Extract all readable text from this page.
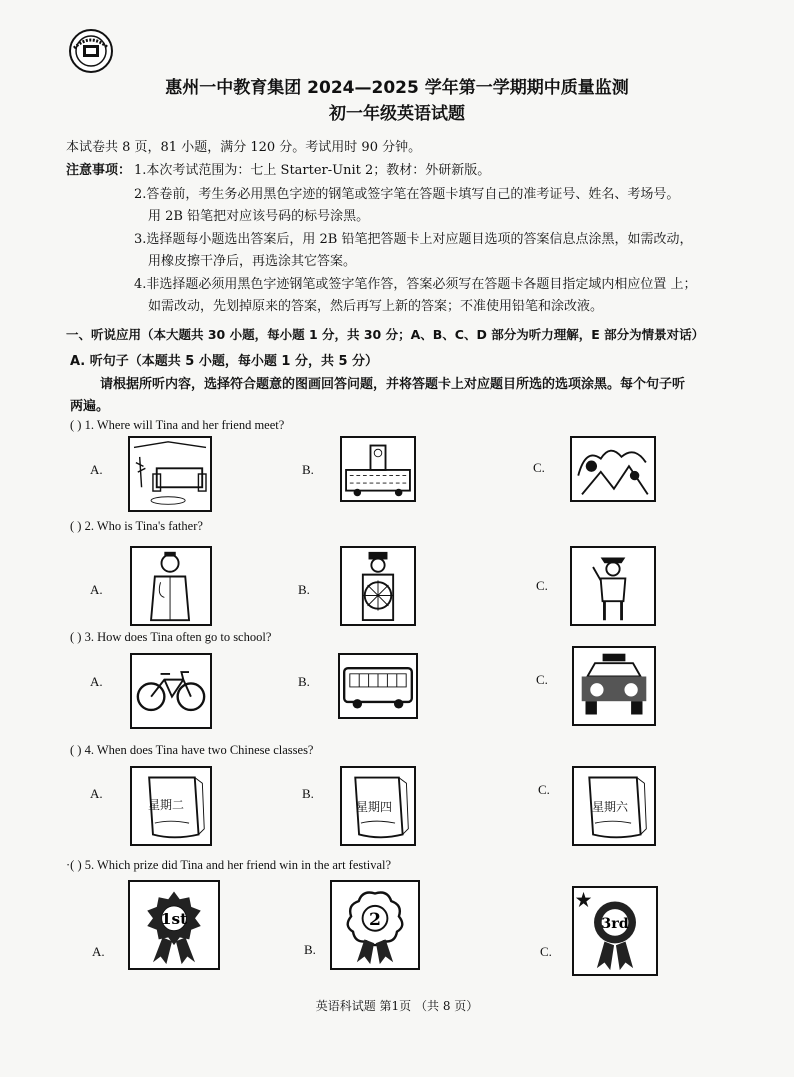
惠州一中教育集团 2024—2025 学年第一学期期中质量监测
初一年级英语试题
本试卷共 8 页，81 小题，满分 120 分。考试用时 90 分钟。
注意事项： 1.本次考试范围为：七上 Starter-Unit 2；教材：外研新版。
2.答卷前，考生务必用黑色字迹的钢笔或签字笔在答题卡填写自己的准考证号、姓名、考场号。
用 2B 铅笔把对应该号码的标号涂黑。
3.选择题每小题选出答案后，用 2B 铅笔把答题卡上对应题目选项的答案信息点涂黑，如需改动，
用橡皮擦干净后，再选涂其它答案。
4.非选择题必须用黑色字迹钢笔或签字笔作答，答案必须写在答题卡各题目指定域内相应位置 上；
如需改动，先划掉原来的答案，然后再写上新的答案；不准使用铅笔和涂改液。
一、听说应用（本大题共 30 小题，每小题 1 分，共 30 分；A、B、C、D 部分为听力理解，E 部分为情景对话）
A. 听句子（本题共 5 小题，每小题 1 分，共 5 分）
请根据所听内容，选择符合题意的图画回答问题，并将答题卡上对应题目所选的选项涂黑。每个句子听
两遍。
( ) 1. Where will Tina and her friend meet?
A.	B.	C.
( ) 2. Who is Tina's father?
A.	B.	C.
( ) 3. How does Tina often go to school?
A.	B.	C.
( ) 4. When does Tina have two Chinese classes?
A.
星期二
B.
星期四
C.
星期六
·( ) 5. Which prize did Tina and her friend win in the art festival?
A.
1st
B.
2
C.
3rd
英语科试题 第1页 （共 8 页）
